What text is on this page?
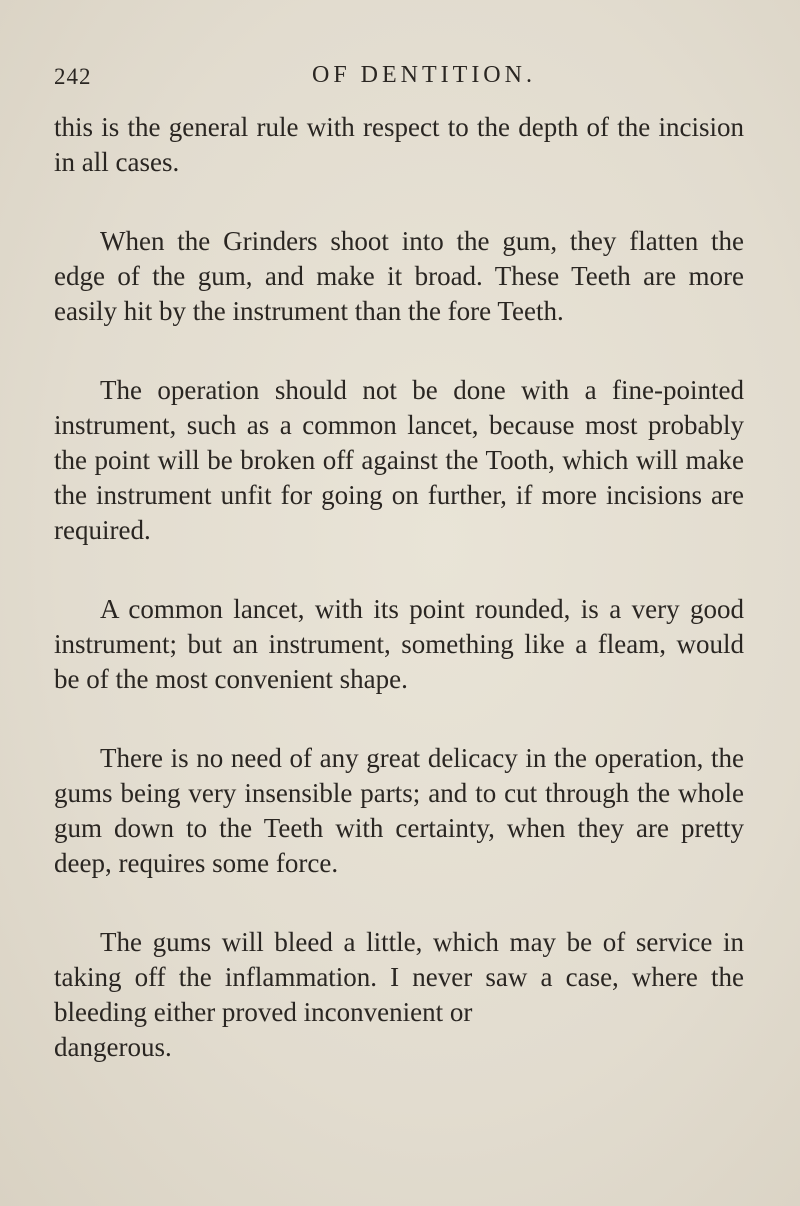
242	OF DENTITION.

this is the general rule with respect to the depth of the incision in all cases.

When the Grinders shoot into the gum, they flatten the edge of the gum, and make it broad. These Teeth are more easily hit by the instrument than the fore Teeth.

The operation should not be done with a fine-pointed instrument, such as a common lancet, because most probably the point will be broken off against the Tooth, which will make the instrument unfit for going on further, if more incisions are required.

A common lancet, with its point rounded, is a very good instrument; but an instrument, something like a fleam, would be of the most convenient shape.

There is no need of any great delicacy in the operation, the gums being very insensible parts; and to cut through the whole gum down to the Teeth with certainty, when they are pretty deep, requires some force.

The gums will bleed a little, which may be of service in taking off the inflammation. I never saw a case, where the bleeding either proved inconvenient or
dangerous.
